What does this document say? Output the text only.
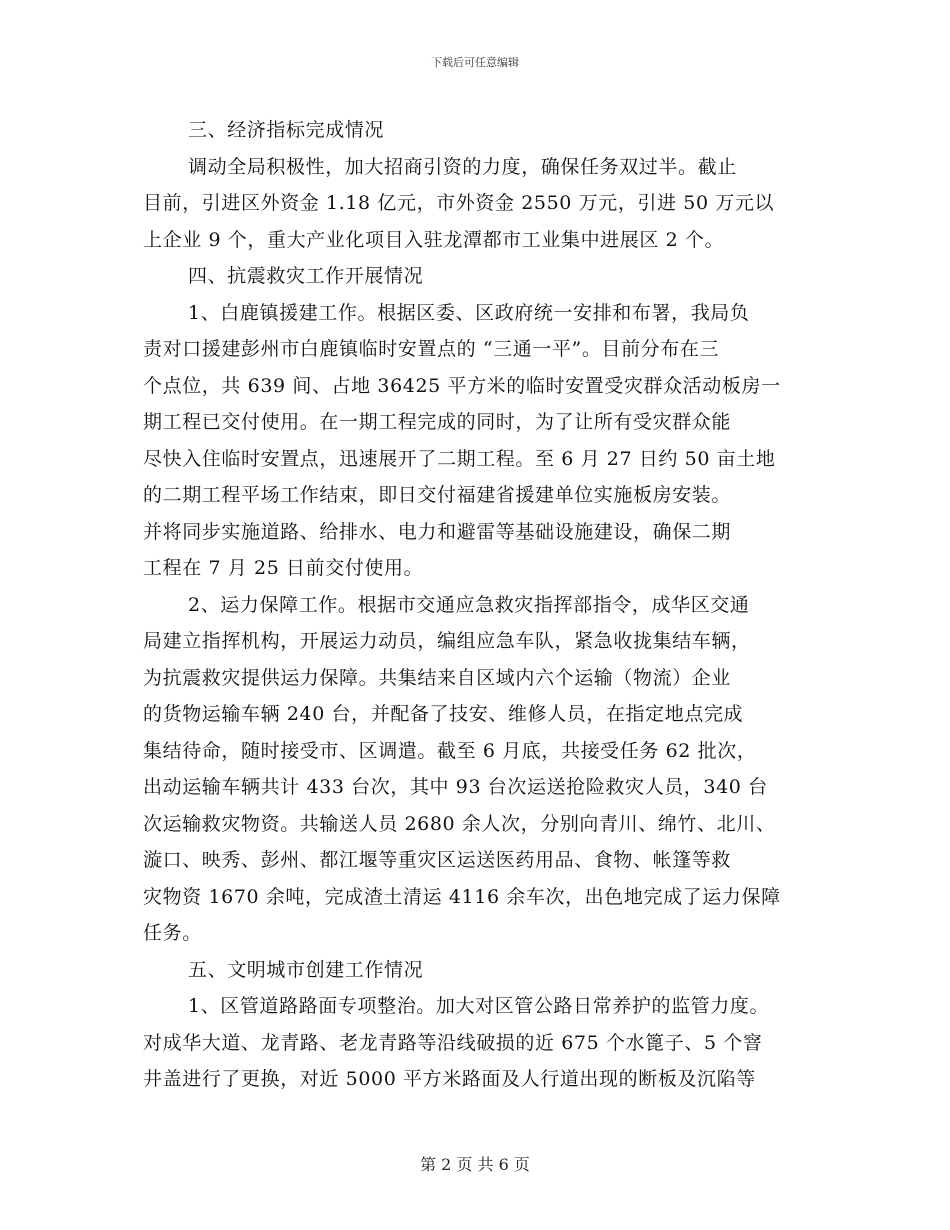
下载后可任意编辑
三、经济指标完成情况
调动全局积极性，加大招商引资的力度，确保任务双过半。截止
目前，引进区外资金 1.18 亿元，市外资金 2550 万元，引进 50 万元以
上企业 9 个，重大产业化项目入驻龙潭都市工业集中进展区 2 个。
四、抗震救灾工作开展情况
1、白鹿镇援建工作。根据区委、区政府统一安排和布署，我局负
责对口援建彭州市白鹿镇临时安置点的 “三通一平”。目前分布在三
个点位，共 639 间、占地 36425 平方米的临时安置受灾群众活动板房一
期工程已交付使用。在一期工程完成的同时，为了让所有受灾群众能
尽快入住临时安置点，迅速展开了二期工程。至 6 月 27 日约 50 亩土地
的二期工程平场工作结束，即日交付福建省援建单位实施板房安装。
并将同步实施道路、给排水、电力和避雷等基础设施建设，确保二期
工程在 7 月 25 日前交付使用。
2、运力保障工作。根据市交通应急救灾指挥部指令，成华区交通
局建立指挥机构，开展运力动员，编组应急车队，紧急收拢集结车辆，
为抗震救灾提供运力保障。共集结来自区域内六个运输（物流）企业
的货物运输车辆 240 台，并配备了技安、维修人员，在指定地点完成
集结待命，随时接受市、区调遣。截至 6 月底，共接受任务 62 批次，
出动运输车辆共计 433 台次，其中 93 台次运送抢险救灾人员，340 台
次运输救灾物资。共输送人员 2680 余人次，分别向青川、绵竹、北川、
漩口、映秀、彭州、都江堰等重灾区运送医药用品、食物、帐篷等救
灾物资 1670 余吨，完成渣土清运 4116 余车次，出色地完成了运力保障
任务。
五、文明城市创建工作情况
1、区管道路路面专项整治。加大对区管公路日常养护的监管力度。
对成华大道、龙青路、老龙青路等沿线破损的近 675 个水篦子、5 个窨
井盖进行了更换，对近 5000 平方米路面及人行道出现的断板及沉陷等
第 2 页 共 6 页
